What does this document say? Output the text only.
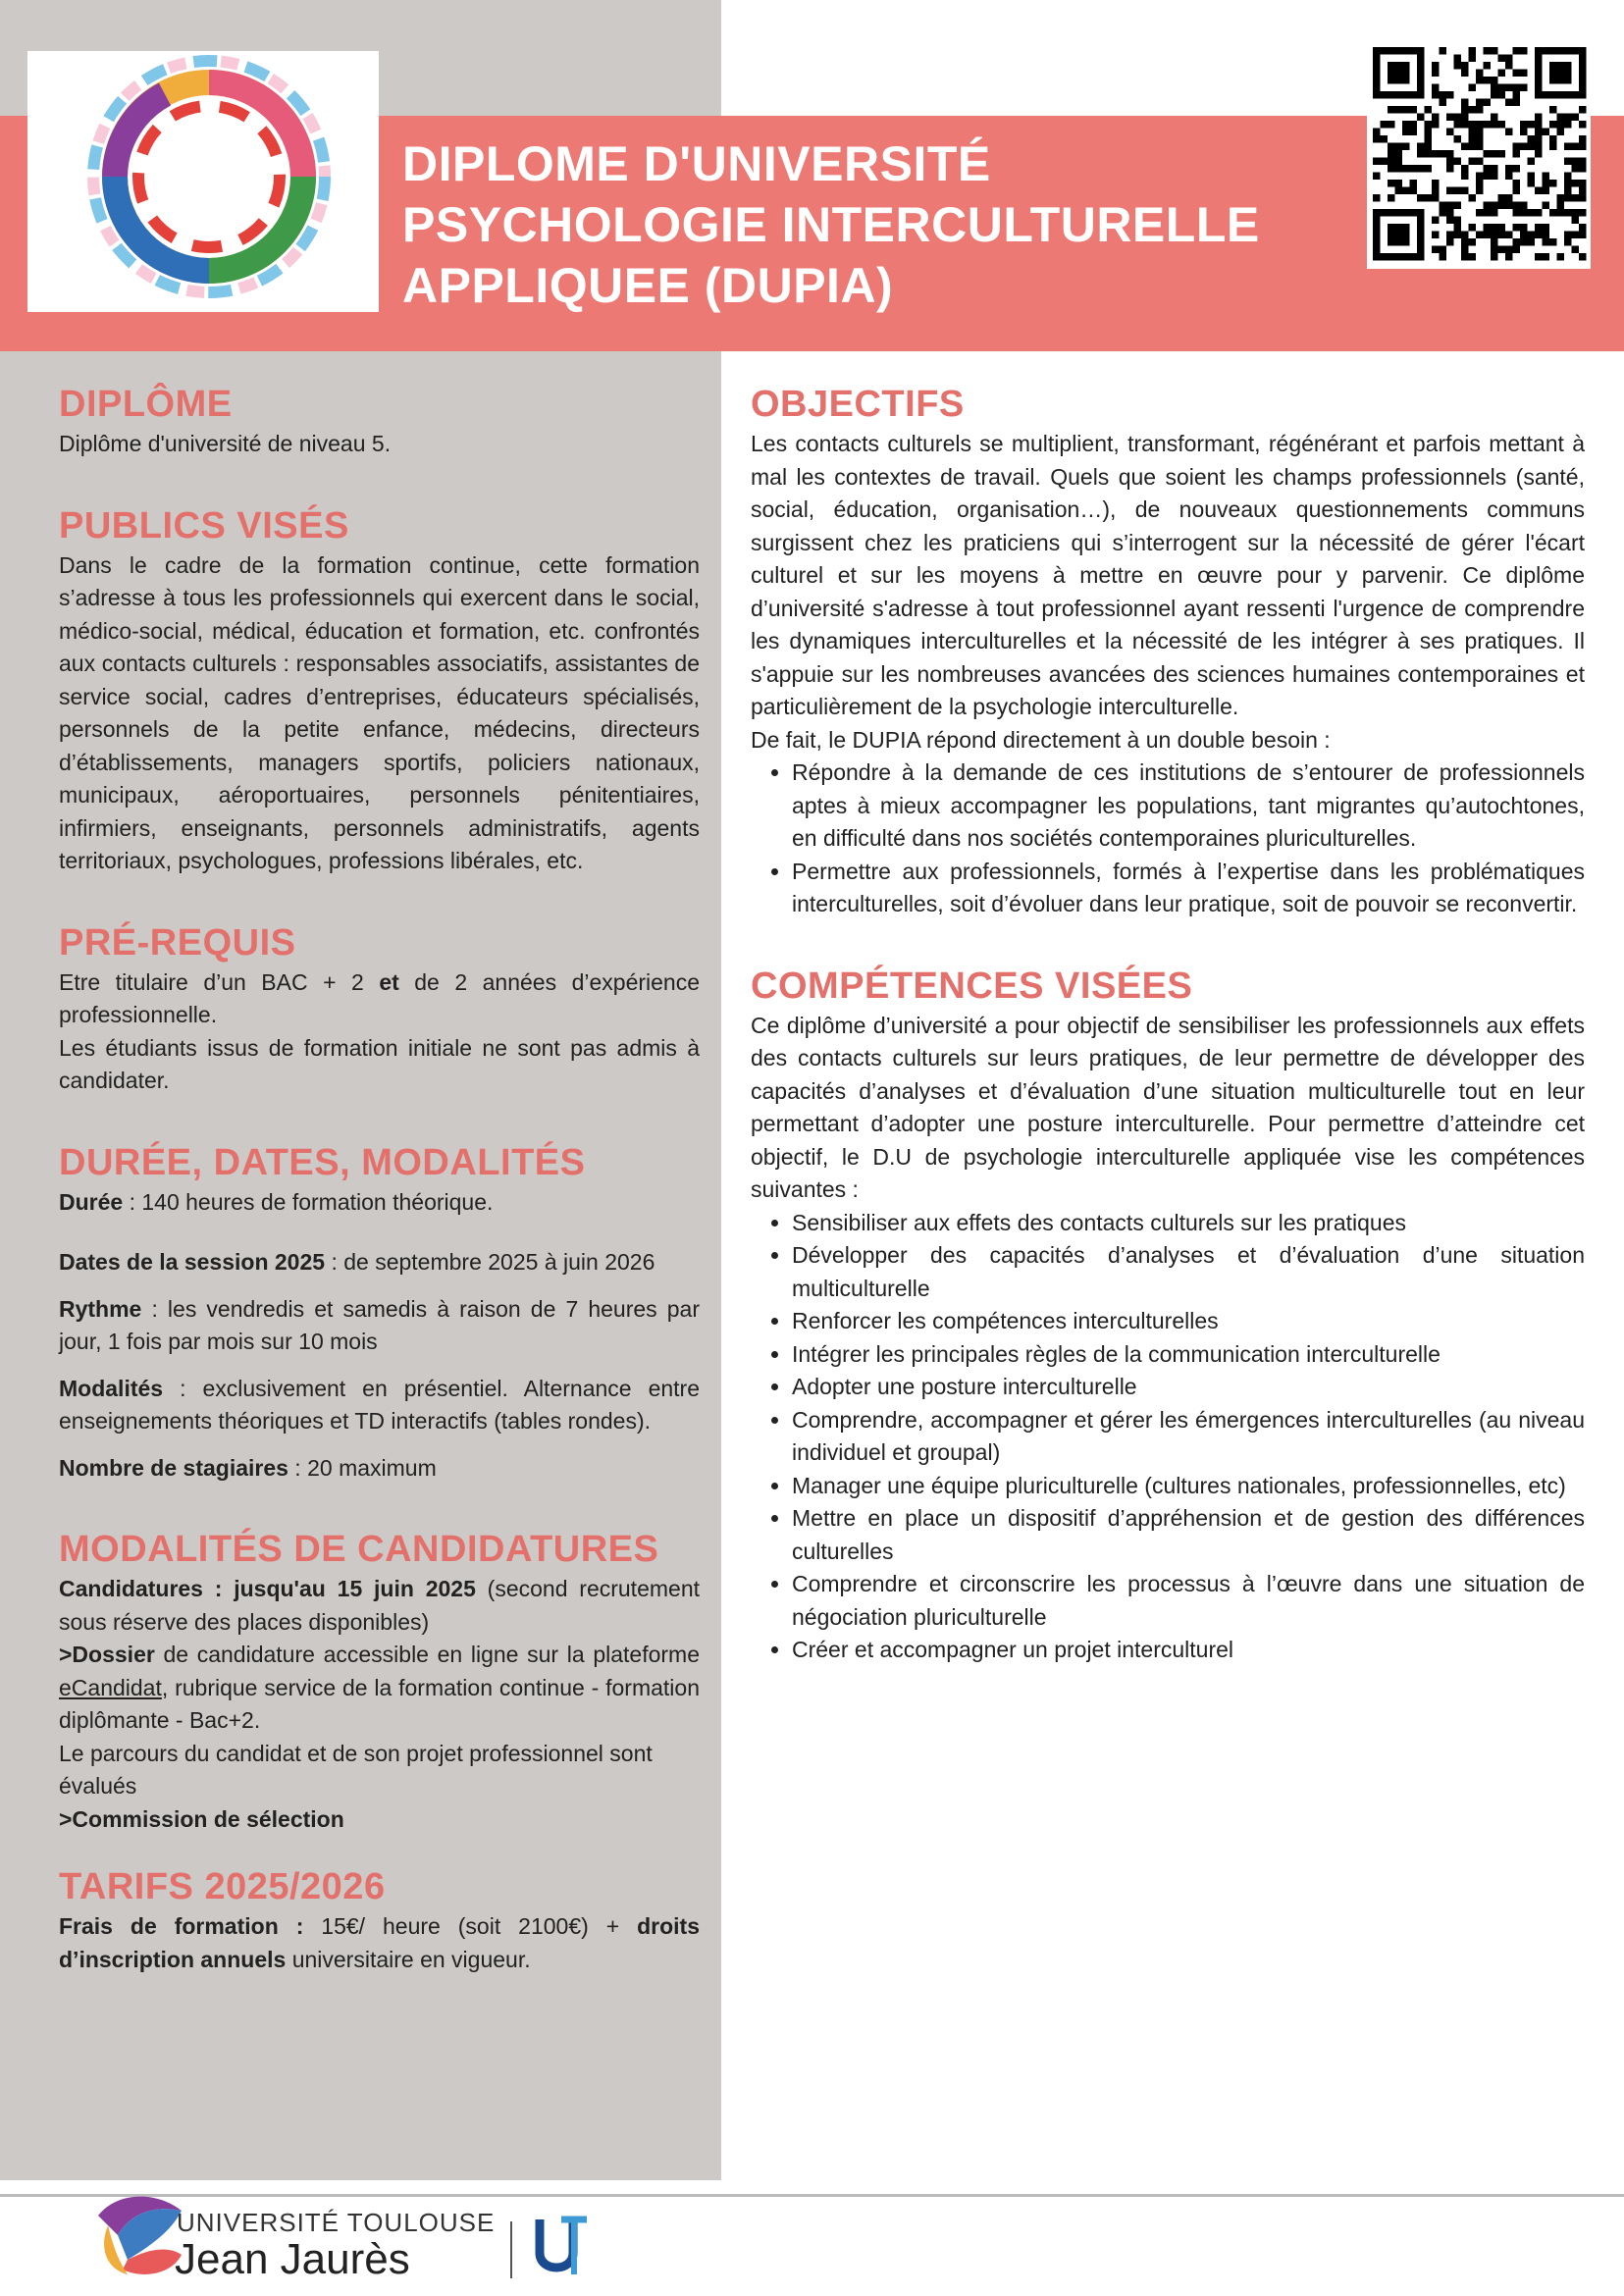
DIPLOME D'UNIVERSITÉ
PSYCHOLOGIE INTERCULTURELLE
APPLIQUEE (DUPIA)
DIPLÔME

Diplôme d'université de niveau 5.

PUBLICS VISÉS

Dans le cadre de la formation continue, cette formation s’adresse à tous les professionnels qui exercent dans le social, médico-social, médical, éducation et formation, etc. confrontés aux contacts culturels : responsables associatifs, assistantes de service social, cadres d’entreprises, éducateurs spécialisés, personnels de la petite enfance, médecins, directeurs d’établissements, managers sportifs, policiers nationaux, municipaux, aéroportuaires, personnels pénitentiaires, infirmiers, enseignants, personnels administratifs, agents territoriaux, psychologues, professions libérales, etc.

PRÉ-REQUIS

Etre titulaire d’un BAC + 2 et de 2 années d’expérience professionnelle.

Les étudiants issus de formation initiale ne sont pas admis à candidater.

DURÉE, DATES, MODALITÉS

Durée : 140 heures de formation théorique.

Dates de la session 2025 : de septembre 2025 à juin 2026

Rythme : les vendredis et samedis à raison de 7 heures par jour, 1 fois par mois sur 10 mois

Modalités : exclusivement en présentiel. Alternance entre enseignements théoriques et TD interactifs (tables rondes).

Nombre de stagiaires : 20 maximum

MODALITÉS DE CANDIDATURES

Candidatures : jusqu'au 15 juin 2025 (second recrutement sous réserve des places disponibles)

>Dossier de candidature accessible en ligne sur la plateforme eCandidat, rubrique service de la formation continue - formation diplômante - Bac+2.

Le parcours du candidat et de son projet professionnel sont évalués

>Commission de sélection

TARIFS 2025/2026

Frais de formation : 15€/ heure (soit 2100€) + droits d’inscription annuels universitaire en vigueur.

OBJECTIFS

Les contacts culturels se multiplient, transformant, régénérant et parfois mettant à mal les contextes de travail. Quels que soient les champs professionnels (santé, social, éducation, organisation…), de nouveaux questionnements communs surgissent chez les praticiens qui s’interrogent sur la nécessité de gérer l'écart culturel et sur les moyens à mettre en œuvre pour y parvenir. Ce diplôme d’université s'adresse à tout professionnel ayant ressenti l'urgence de comprendre les dynamiques interculturelles et la nécessité de les intégrer à ses pratiques. Il s'appuie sur les nombreuses avancées des sciences humaines contemporaines et particulièrement de la psychologie interculturelle.

De fait, le DUPIA répond directement à un double besoin :

• Répondre à la demande de ces institutions de s’entourer de professionnels aptes à mieux accompagner les populations, tant migrantes qu’autochtones, en difficulté dans nos sociétés contemporaines pluriculturelles.
• Permettre aux professionnels, formés à l’expertise dans les problématiques interculturelles, soit d’évoluer dans leur pratique, soit de pouvoir se reconvertir.
COMPÉTENCES VISÉES

Ce diplôme d’université a pour objectif de sensibiliser les professionnels aux effets des contacts culturels sur leurs pratiques, de leur permettre de développer des capacités d’analyses et d’évaluation d’une situation multiculturelle tout en leur permettant d’adopter une posture interculturelle. Pour permettre d’atteindre cet objectif, le D.U de psychologie interculturelle appliquée vise les compétences suivantes :

• Sensibiliser aux effets des contacts culturels sur les pratiques
• Développer des capacités d’analyses et d’évaluation d’une situation multiculturelle
• Renforcer les compétences interculturelles
• Intégrer les principales règles de la communication interculturelle
• Adopter une posture interculturelle
• Comprendre, accompagner et gérer les émergences interculturelles (au niveau individuel et groupal)
• Manager une équipe pluriculturelle (cultures nationales, professionnelles, etc)
• Mettre en place un dispositif d’appréhension et de gestion des différences culturelles
• Comprendre et circonscrire les processus à l’œuvre dans une situation de négociation pluriculturelle
• Créer et accompagner un projet interculturel
UNIVERSITÉ TOULOUSE
Jean Jaurès
